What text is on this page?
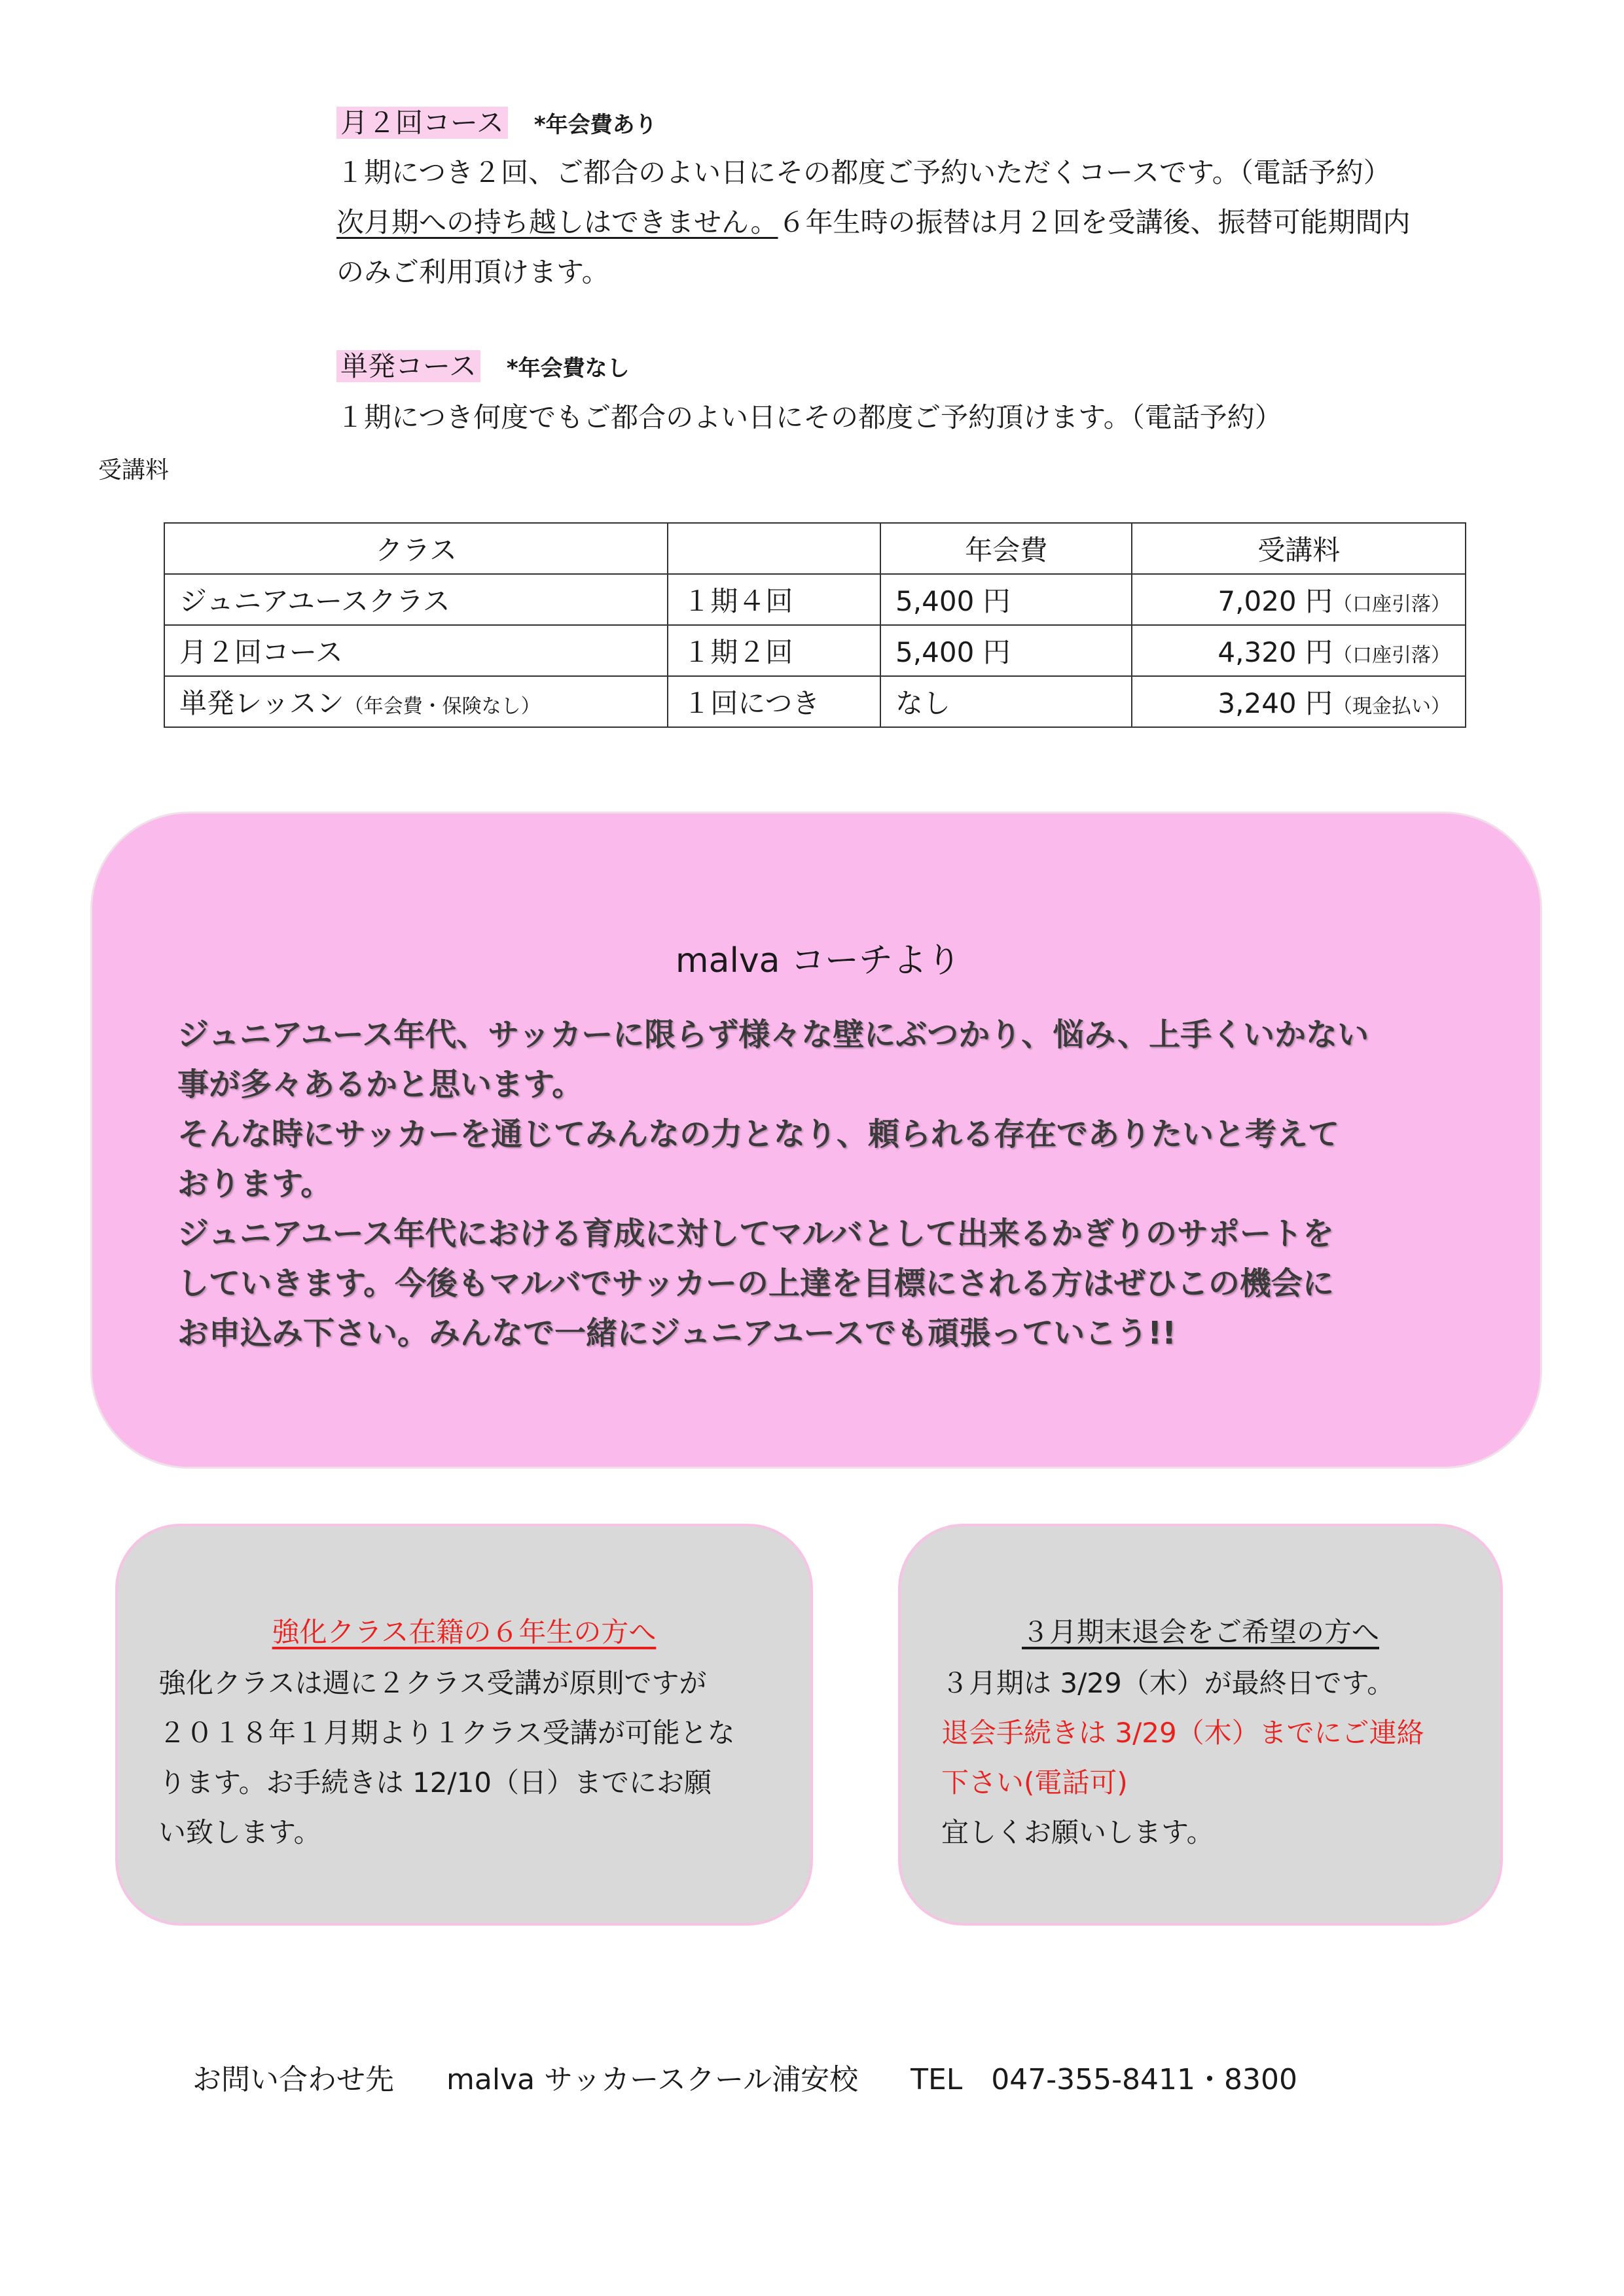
月２回コース *年会費あり
１期につき２回、ご都合のよい日にその都度ご予約いただくコースです。（電話予約）
次月期への持ち越しはできません。６年生時の振替は月２回を受講後、振替可能期間内
のみご利用頂けます。
単発コース *年会費なし
１期につき何度でもご都合のよい日にその都度ご予約頂けます。（電話予約）
受講料
クラス		年会費	受講料
ジュニアユースクラス	１期４回	5,400 円	7,020 円（口座引落）
月２回コース	１期２回	5,400 円	4,320 円（口座引落）
単発レッスン（年会費・保険なし）	１回につき	なし	3,240 円（現金払い）
malva コーチより
ジュニアユース年代、サッカーに限らず様々な壁にぶつかり、悩み、上手くいかない
事が多々あるかと思います。
そんな時にサッカーを通じてみんなの力となり、頼られる存在でありたいと考えて
おります。
ジュニアユース年代における育成に対してマルバとして出来るかぎりのサポートを
していきます。今後もマルバでサッカーの上達を目標にされる方はぜひこの機会に
お申込み下さい。みんなで一緒にジュニアユースでも頑張っていこう!!
強化クラス在籍の６年生の方へ
強化クラスは週に２クラス受講が原則ですが
２０１８年１月期より１クラス受講が可能とな
ります。お手続きは 12/10（日）までにお願
い致します。
３月期末退会をご希望の方へ
３月期は 3/29（木）が最終日です。
退会手続きは 3/29（木）までにご連絡
下さい(電話可)
宜しくお願いします。
お問い合わせ先 malva サッカースクール浦安校 TEL　047-355-8411・8300
